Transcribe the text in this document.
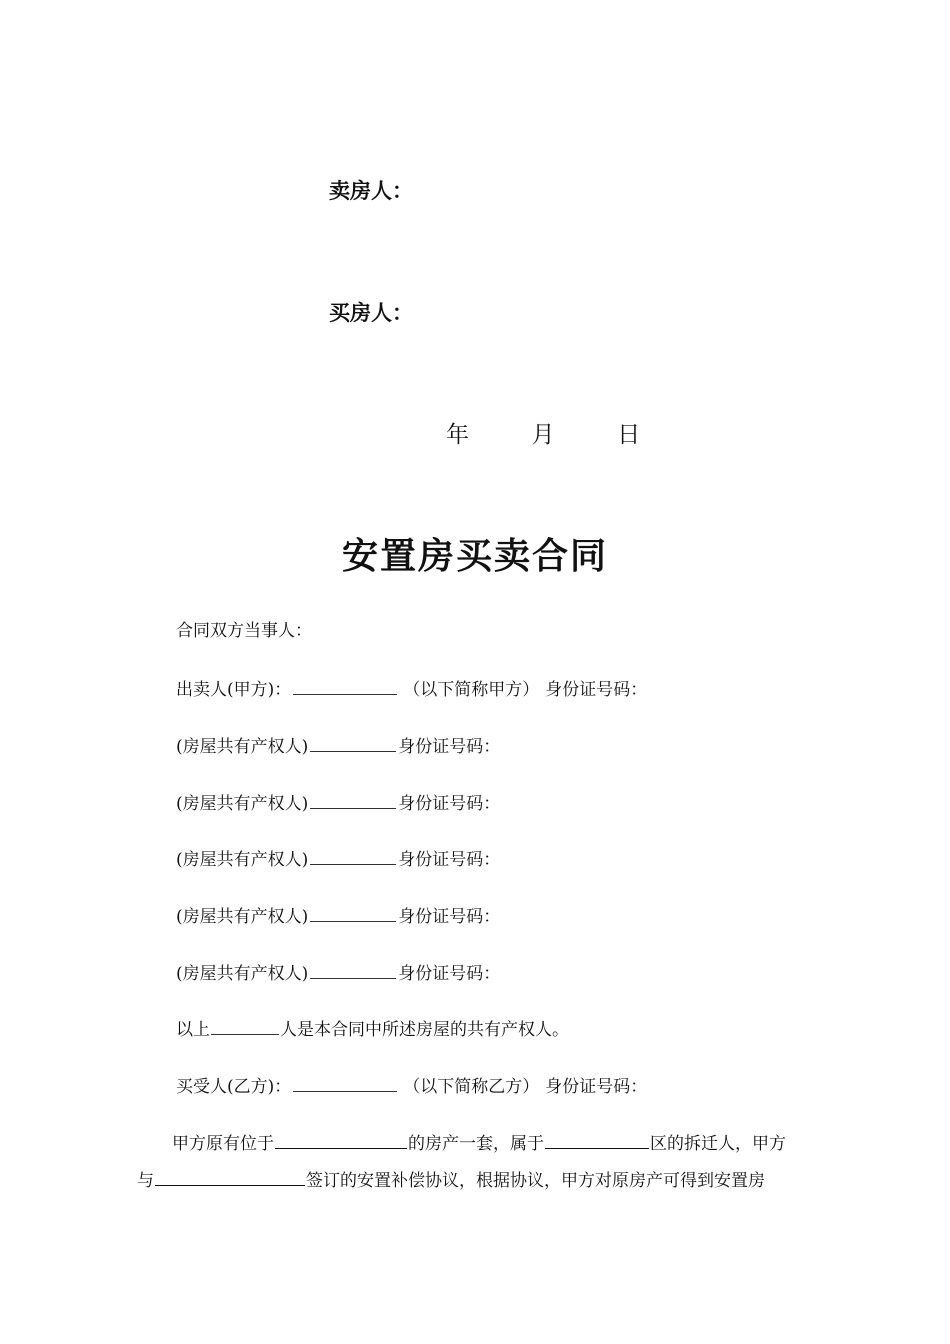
卖房人：
买房人：
年	月	日
安置房买卖合同
合同双方当事人：
出卖人(甲方)：	（以下简称甲方） 身份证号码：
(房屋共有产权人)	身份证号码：
(房屋共有产权人)	身份证号码：
(房屋共有产权人)	身份证号码：
(房屋共有产权人)	身份证号码：
(房屋共有产权人)	身份证号码：
以上	人是本合同中所述房屋的共有产权人。
买受人(乙方)：	（以下简称乙方） 身份证号码：
甲方原有位于	的房产一套，属于	区的拆迁人，甲方
与	签订的安置补偿协议，根据协议，甲方对原房产可得到安置房
